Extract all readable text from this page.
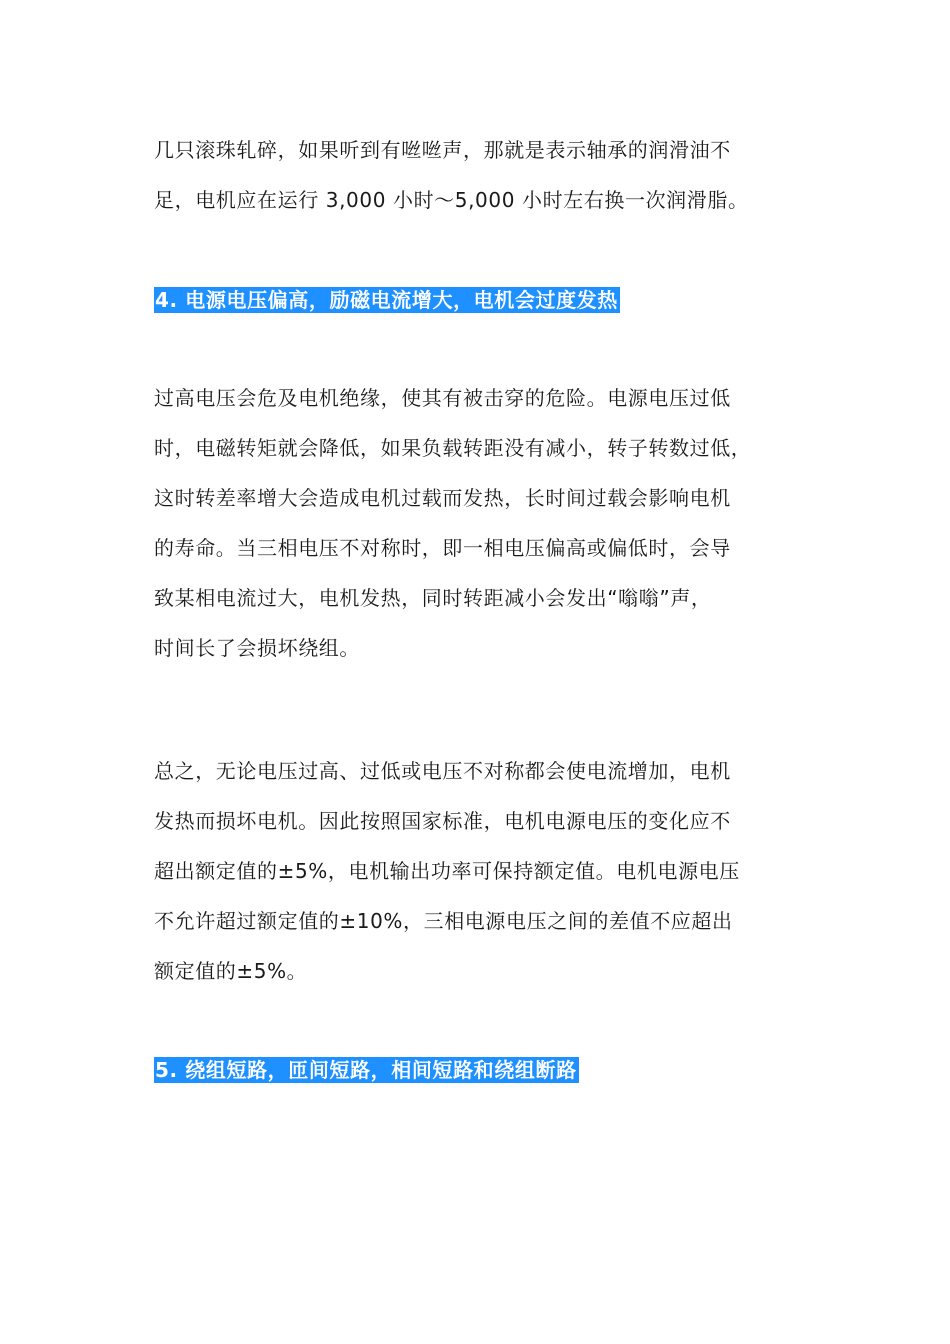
几只滚珠轧碎，如果听到有咝咝声，那就是表示轴承的润滑油不
足，电机应在运行 3,000 小时～5,000 小时左右换一次润滑脂。
4. 电源电压偏高，励磁电流增大，电机会过度发热
过高电压会危及电机绝缘，使其有被击穿的危险。电源电压过低
时，电磁转矩就会降低，如果负载转距没有减小，转子转数过低，
这时转差率增大会造成电机过载而发热，长时间过载会影响电机
的寿命。当三相电压不对称时，即一相电压偏高或偏低时，会导
致某相电流过大，电机发热，同时转距减小会发出“嗡嗡”声，
时间长了会损坏绕组。
总之，无论电压过高、过低或电压不对称都会使电流增加，电机
发热而损坏电机。因此按照国家标准，电机电源电压的变化应不
超出额定值的±5%，电机输出功率可保持额定值。电机电源电压
不允许超过额定值的±10%，三相电源电压之间的差值不应超出
额定值的±5%。
5. 绕组短路，匝间短路，相间短路和绕组断路
